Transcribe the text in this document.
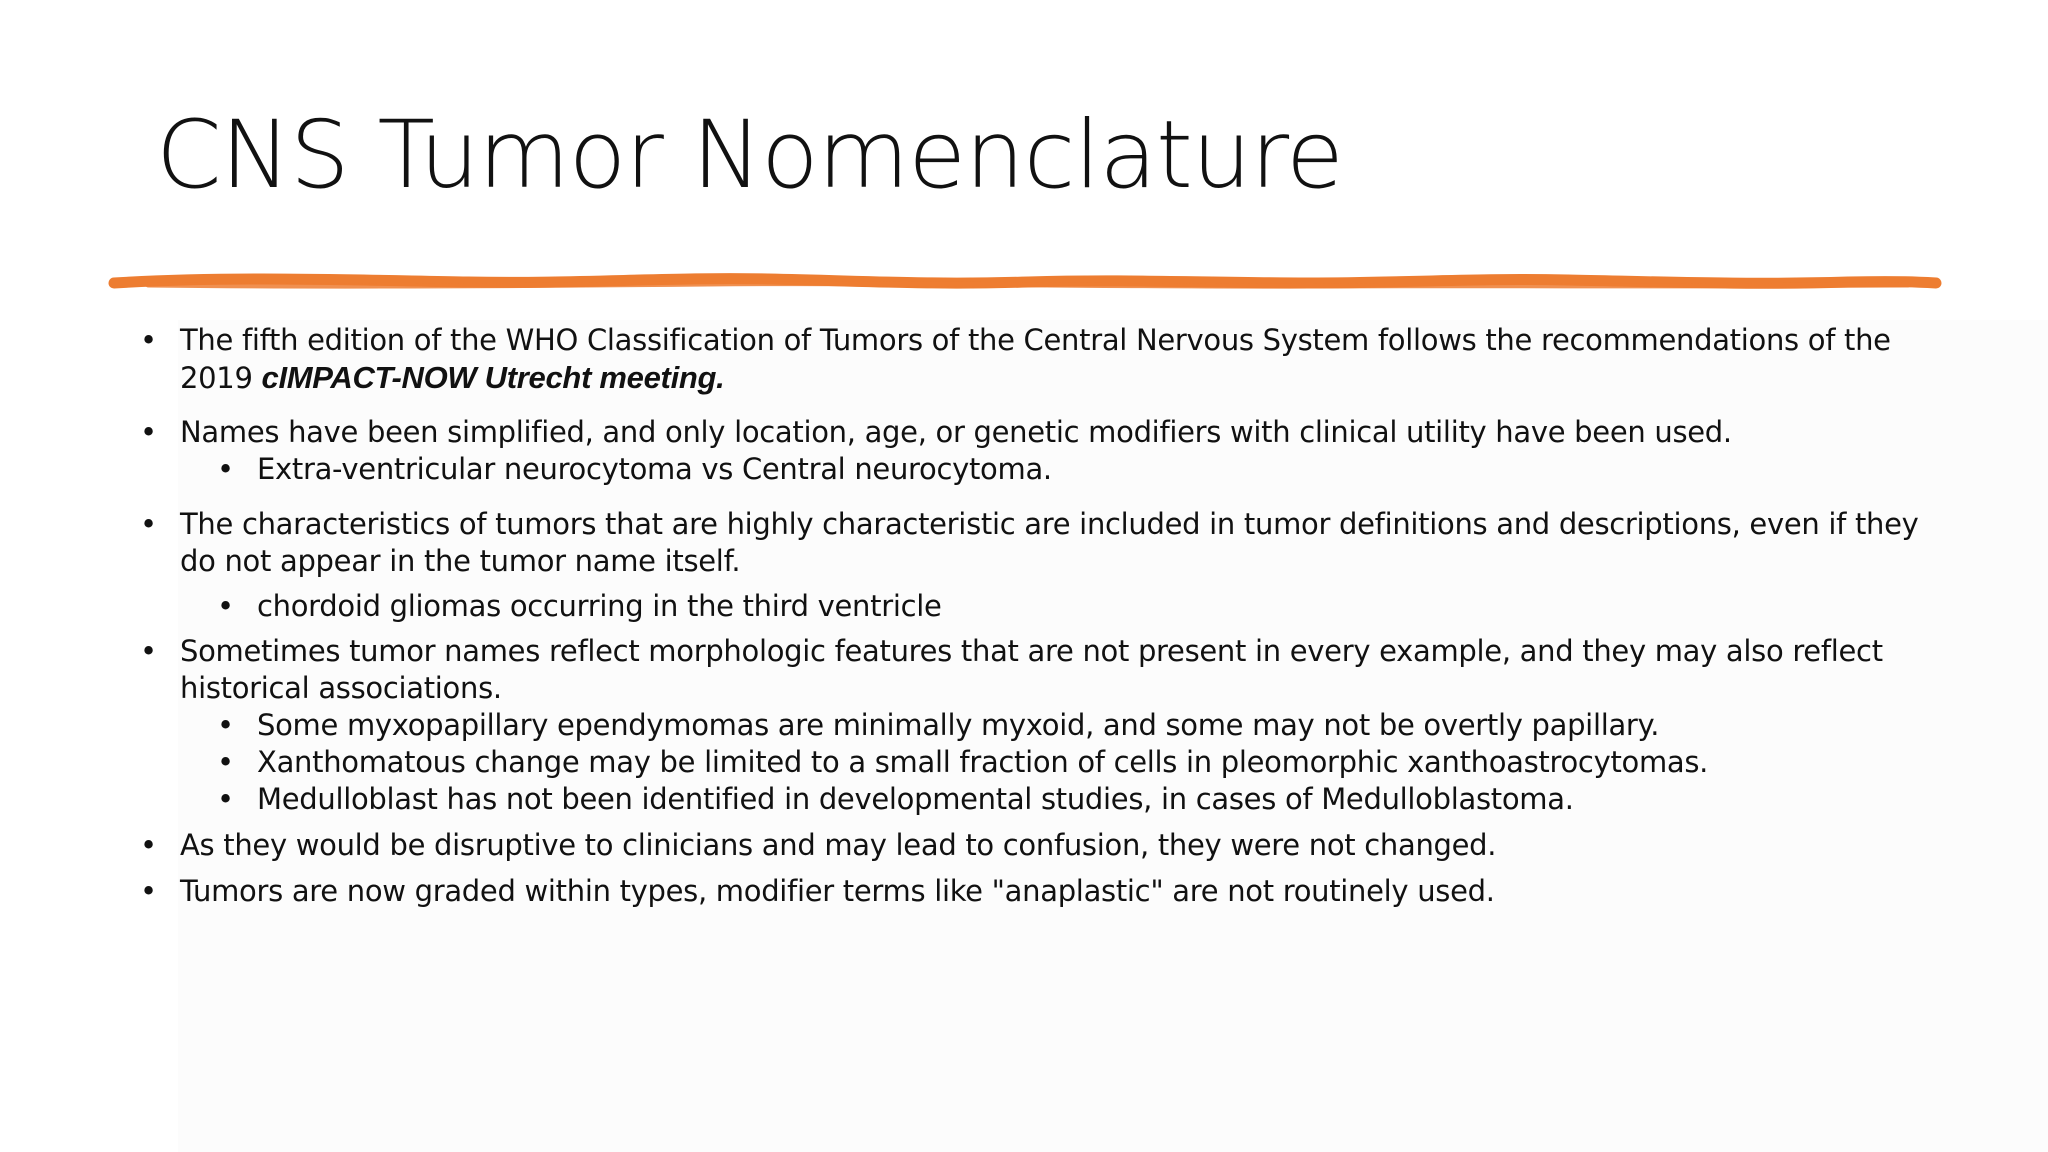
CNS Tumor Nomenclature
• The fifth edition of the WHO Classification of Tumors of the Central Nervous System follows the recommendations of the 2019 cIMPACT-NOW Utrecht meeting.
• Names have been simplified, and only location, age, or genetic modifiers with clinical utility have been used.
• Extra-ventricular neurocytoma vs Central neurocytoma.
• The characteristics of tumors that are highly characteristic are included in tumor definitions and descriptions, even if they do not appear in the tumor name itself.
• chordoid gliomas occurring in the third ventricle
• Sometimes tumor names reflect morphologic features that are not present in every example, and they may also reflect historical associations.
• Some myxopapillary ependymomas are minimally myxoid, and some may not be overtly papillary.
• Xanthomatous change may be limited to a small fraction of cells in pleomorphic xanthoastrocytomas.
• Medulloblast has not been identified in developmental studies, in cases of Medulloblastoma.
• As they would be disruptive to clinicians and may lead to confusion, they were not changed.
• Tumors are now graded within types, modifier terms like "anaplastic" are not routinely used.
